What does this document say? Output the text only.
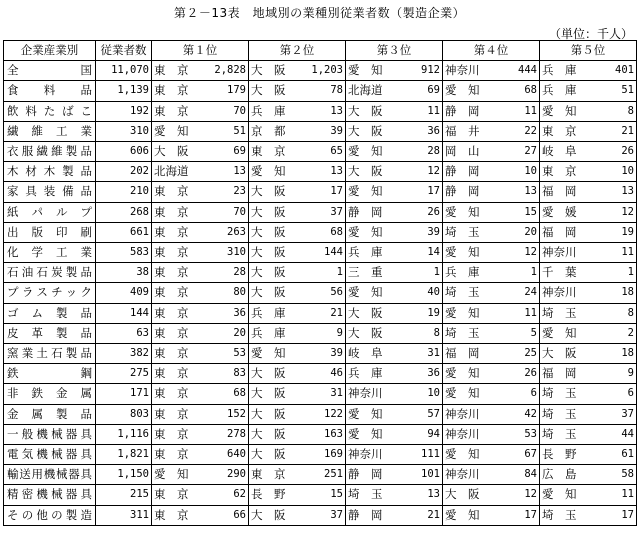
第２－13表　地域別の業種別従業者数（製造企業）
（単位：千人）
企業産業別	従業者数	第１位		第２位		第３位		第４位		第５位	
全国	11,070	東　京	2,828	大　阪	1,203	愛　知	912	神奈川	444	兵　庫	401
食料品	1,139	東　京	179	大　阪	78	北海道	69	愛　知	68	兵　庫	51
飲料たばこ	192	東　京	70	兵　庫	13	大　阪	11	静　岡	11	愛　知	8
繊維工業	310	愛　知	51	京　都	39	大　阪	36	福　井	22	東　京	21
衣服繊維製品	606	大　阪	69	東　京	65	愛　知	28	岡　山	27	岐　阜	26
木材木製品	202	北海道	13	愛　知	13	大　阪	12	静　岡	10	東　京	10
家具装備品	210	東　京	23	大　阪	17	愛　知	17	静　岡	13	福　岡	13
紙パルプ	268	東　京	70	大　阪	37	静　岡	26	愛　知	15	愛　媛	12
出版印刷	661	東　京	263	大　阪	68	愛　知	39	埼　玉	20	福　岡	19
化学工業	583	東　京	310	大　阪	144	兵　庫	14	愛　知	12	神奈川	11
石油石炭製品	38	東　京	28	大　阪	1	三　重	1	兵　庫	1	千　葉	1
プラスチック	409	東　京	80	大　阪	56	愛　知	40	埼　玉	24	神奈川	18
ゴム製品	144	東　京	36	兵　庫	21	大　阪	19	愛　知	11	埼　玉	8
皮革製品	63	東　京	20	兵　庫	9	大　阪	8	埼　玉	5	愛　知	2
窯業土石製品	382	東　京	53	愛　知	39	岐　阜	31	福　岡	25	大　阪	18
鉄鋼	275	東　京	83	大　阪	46	兵　庫	36	愛　知	26	福　岡	9
非鉄金属	171	東　京	68	大　阪	31	神奈川	10	愛　知	6	埼　玉	6
金属製品	803	東　京	152	大　阪	122	愛　知	57	神奈川	42	埼　玉	37
一般機械器具	1,116	東　京	278	大　阪	163	愛　知	94	神奈川	53	埼　玉	44
電気機械器具	1,821	東　京	640	大　阪	169	神奈川	111	愛　知	67	長　野	61
輸送用機械器具	1,150	愛　知	290	東　京	251	静　岡	101	神奈川	84	広　島	58
精密機械器具	215	東　京	62	長　野	15	埼　玉	13	大　阪	12	愛　知	11
その他の製造	311	東　京	66	大　阪	37	静　岡	21	愛　知	17	埼　玉	17
